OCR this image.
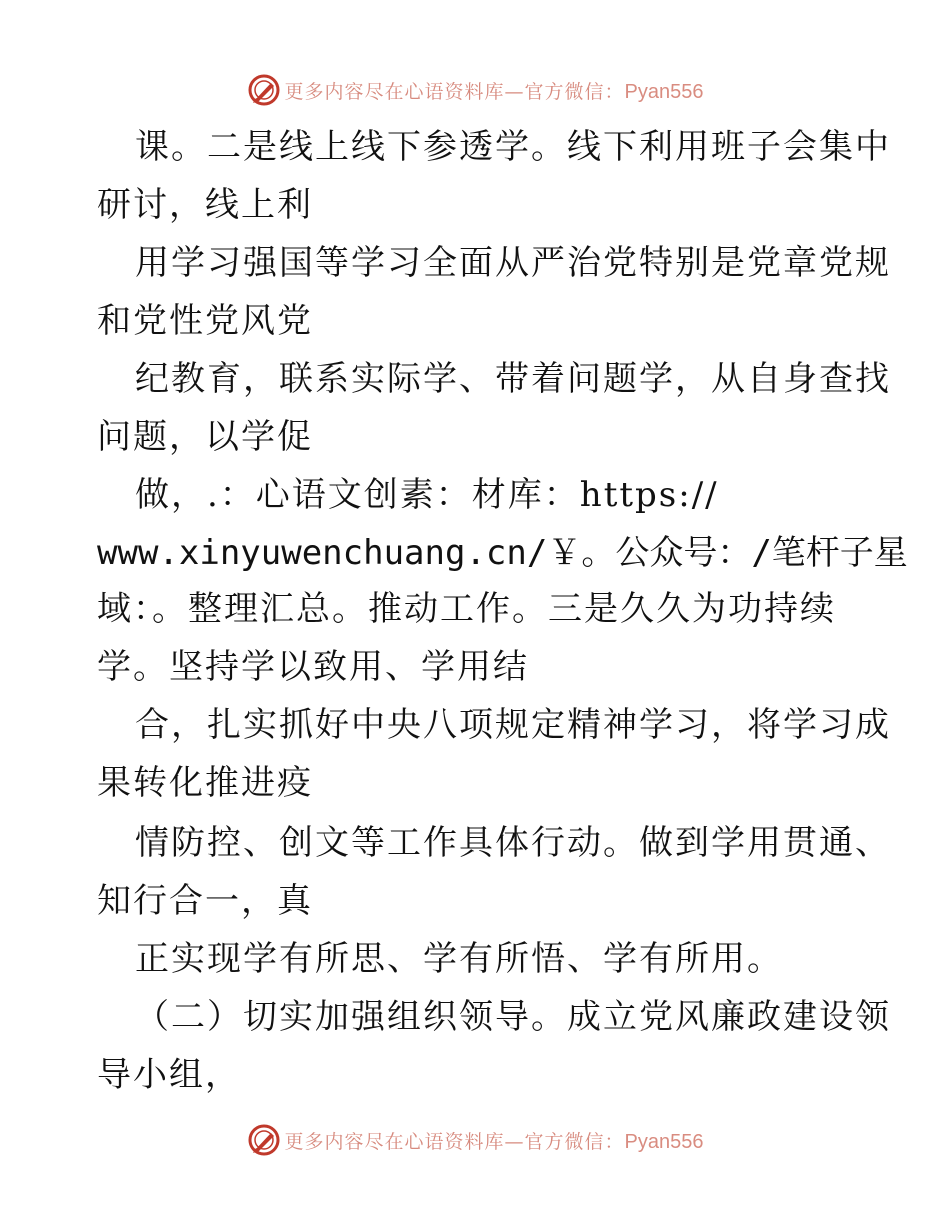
更多内容尽在心语资料库—官方微信：Pyan556
课。二是线上线下参透学。线下利用班子会集中
研讨，线上利
用学习强国等学习全面从严治党特别是党章党规
和党性党风党
纪教育，联系实际学、带着问题学，从自身查找
问题，以学促
做，.：心语文创素：材库：https://
www.xinyuwenchuang.cn/￥。公众号：/笔杆子星
域：。整理汇总。推动工作。三是久久为功持续
学。坚持学以致用、学用结
合，扎实抓好中央八项规定精神学习，将学习成
果转化推进疫
情防控、创文等工作具体行动。做到学用贯通、
知行合一，真
正实现学有所思、学有所悟、学有所用。
（二）切实加强组织领导。成立党风廉政建设领
导小组，
更多内容尽在心语资料库—官方微信：Pyan556
